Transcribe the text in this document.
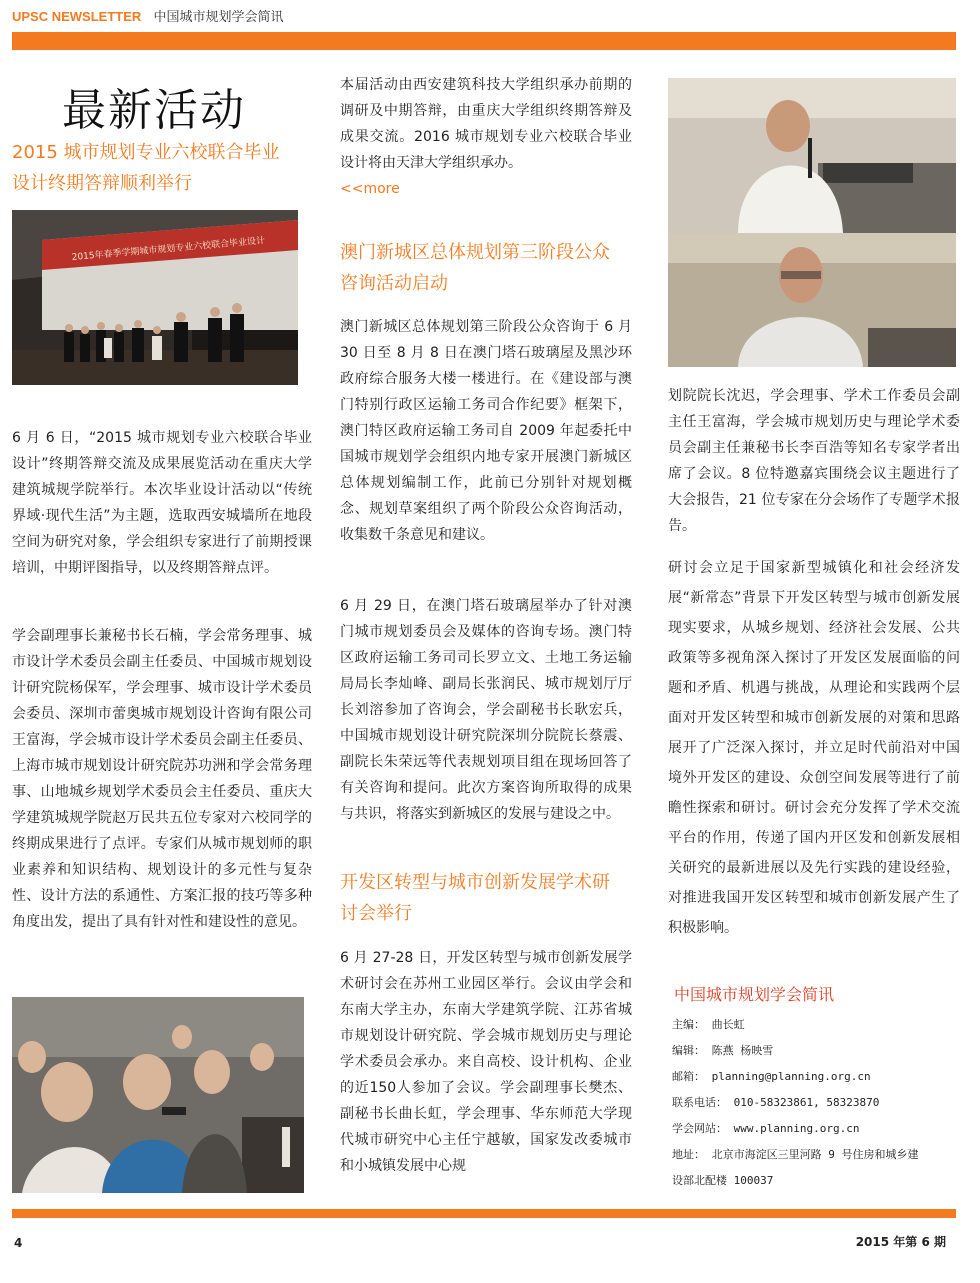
UPSC NEWSLETTER 中国城市规划学会简讯
最新活动
2015 城市规划专业六校联合毕业
设计终期答辩顺利举行
2015年春季学期城市规划专业六校联合毕业设计
6 月 6 日，“2015 城市规划专业六校联合毕业设计”终期答辩交流及成果展览活动在重庆大学建筑城规学院举行。本次毕业设计活动以“传统界域·现代生活”为主题，选取西安城墙所在地段空间为研究对象，学会组织专家进行了前期授课培训，中期评图指导，以及终期答辩点评。
学会副理事长兼秘书长石楠，学会常务理事、城市设计学术委员会副主任委员、中国城市规划设计研究院杨保军，学会理事、城市设计学术委员会委员、深圳市蕾奥城市规划设计咨询有限公司王富海，学会城市设计学术委员会副主任委员、上海市城市规划设计研究院苏功洲和学会常务理事、山地城乡规划学术委员会主任委员、重庆大学建筑城规学院赵万民共五位专家对六校同学的终期成果进行了点评。专家们从城市规划师的职业素养和知识结构、规划设计的多元性与复杂性、设计方法的系通性、方案汇报的技巧等多种角度出发，提出了具有针对性和建设性的意见。
本届活动由西安建筑科技大学组织承办前期的调研及中期答辩，由重庆大学组织终期答辩及成果交流。2016 城市规划专业六校联合毕业设计将由天津大学组织承办。
<<more
澳门新城区总体规划第三阶段公众
咨询活动启动
澳门新城区总体规划第三阶段公众咨询于 6 月 30 日至 8 月 8 日在澳门塔石玻璃屋及黑沙环政府综合服务大楼一楼进行。在《建设部与澳门特别行政区运输工务司合作纪要》框架下，澳门特区政府运输工务司自 2009 年起委托中国城市规划学会组织内地专家开展澳门新城区总体规划编制工作，此前已分别针对规划概念、规划草案组织了两个阶段公众咨询活动，收集数千条意见和建议。
6 月 29 日，在澳门塔石玻璃屋举办了针对澳门城市规划委员会及媒体的咨询专场。澳门特区政府运输工务司司长罗立文、土地工务运输局局长李灿峰、副局长张润民、城市规划厅厅长刘溶参加了咨询会，学会副秘书长耿宏兵，中国城市规划设计研究院深圳分院院长蔡震、副院长朱荣远等代表规划项目组在现场回答了有关咨询和提问。此次方案咨询所取得的成果与共识，将落实到新城区的发展与建设之中。
开发区转型与城市创新发展学术研
讨会举行
6 月 27-28 日，开发区转型与城市创新发展学术研讨会在苏州工业园区举行。会议由学会和东南大学主办，东南大学建筑学院、江苏省城市规划设计研究院、学会城市规划历史与理论学术委员会承办。来自高校、设计机构、企业的近150人参加了会议。学会副理事长樊杰、副秘书长曲长虹，学会理事、华东师范大学现代城市研究中心主任宁越敏，国家发改委城市和小城镇发展中心规
划院院长沈迟，学会理事、学术工作委员会副主任王富海，学会城市规划历史与理论学术委员会副主任兼秘书长李百浩等知名专家学者出席了会议。8 位特邀嘉宾围绕会议主题进行了大会报告，21 位专家在分会场作了专题学术报告。
研讨会立足于国家新型城镇化和社会经济发展“新常态”背景下开发区转型与城市创新发展现实要求，从城乡规划、经济社会发展、公共政策等多视角深入探讨了开发区发展面临的问题和矛盾、机遇与挑战，从理论和实践两个层面对开发区转型和城市创新发展的对策和思路展开了广泛深入探讨，并立足时代前沿对中国境外开发区的建设、众创空间发展等进行了前瞻性探索和研讨。研讨会充分发挥了学术交流平台的作用，传递了国内开区发和创新发展相关研究的最新进展以及先行实践的建设经验，对推进我国开发区转型和城市创新发展产生了积极影响。
中国城市规划学会简讯
主编： 曲长虹
编辑： 陈燕 杨映雪
邮箱： planning@planning.org.cn
联系电话： 010-58323861, 58323870
学会网站： www.planning.org.cn
地址： 北京市海淀区三里河路 9 号住房和城乡建
设部北配楼 100037
4	2015 年第 6 期
